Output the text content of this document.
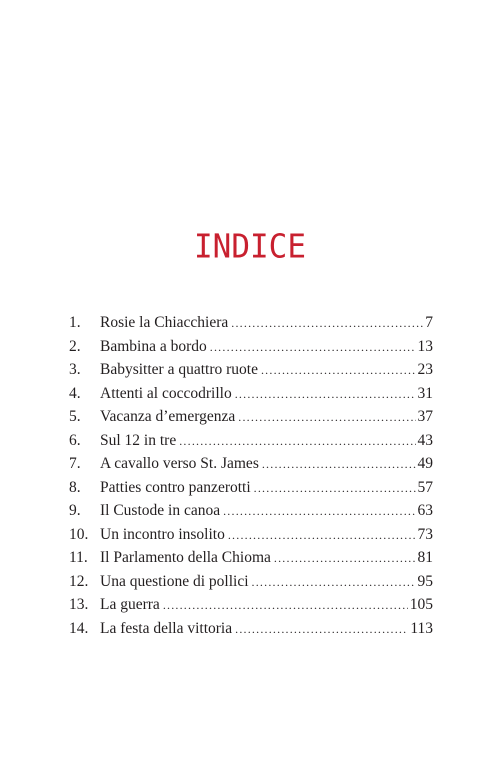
INDICE
1.	Rosie la Chiacchiera .....	7
2.	Bambina a bordo .....	13
3.	Babysitter a quattro ruote .....	23
4.	Attenti al coccodrillo .....	31
5.	Vacanza d’emergenza .....	37
6.	Sul 12 in tre .....	43
7.	A cavallo verso St. James .....	49
8.	Patties contro panzerotti .....	57
9.	Il Custode in canoa .....	63
10. Un incontro insolito .....	73
11. Il Parlamento della Chioma .....	81
12. Una questione di pollici .....	95
13. La guerra .....	105
14. La festa della vittoria .....	113
